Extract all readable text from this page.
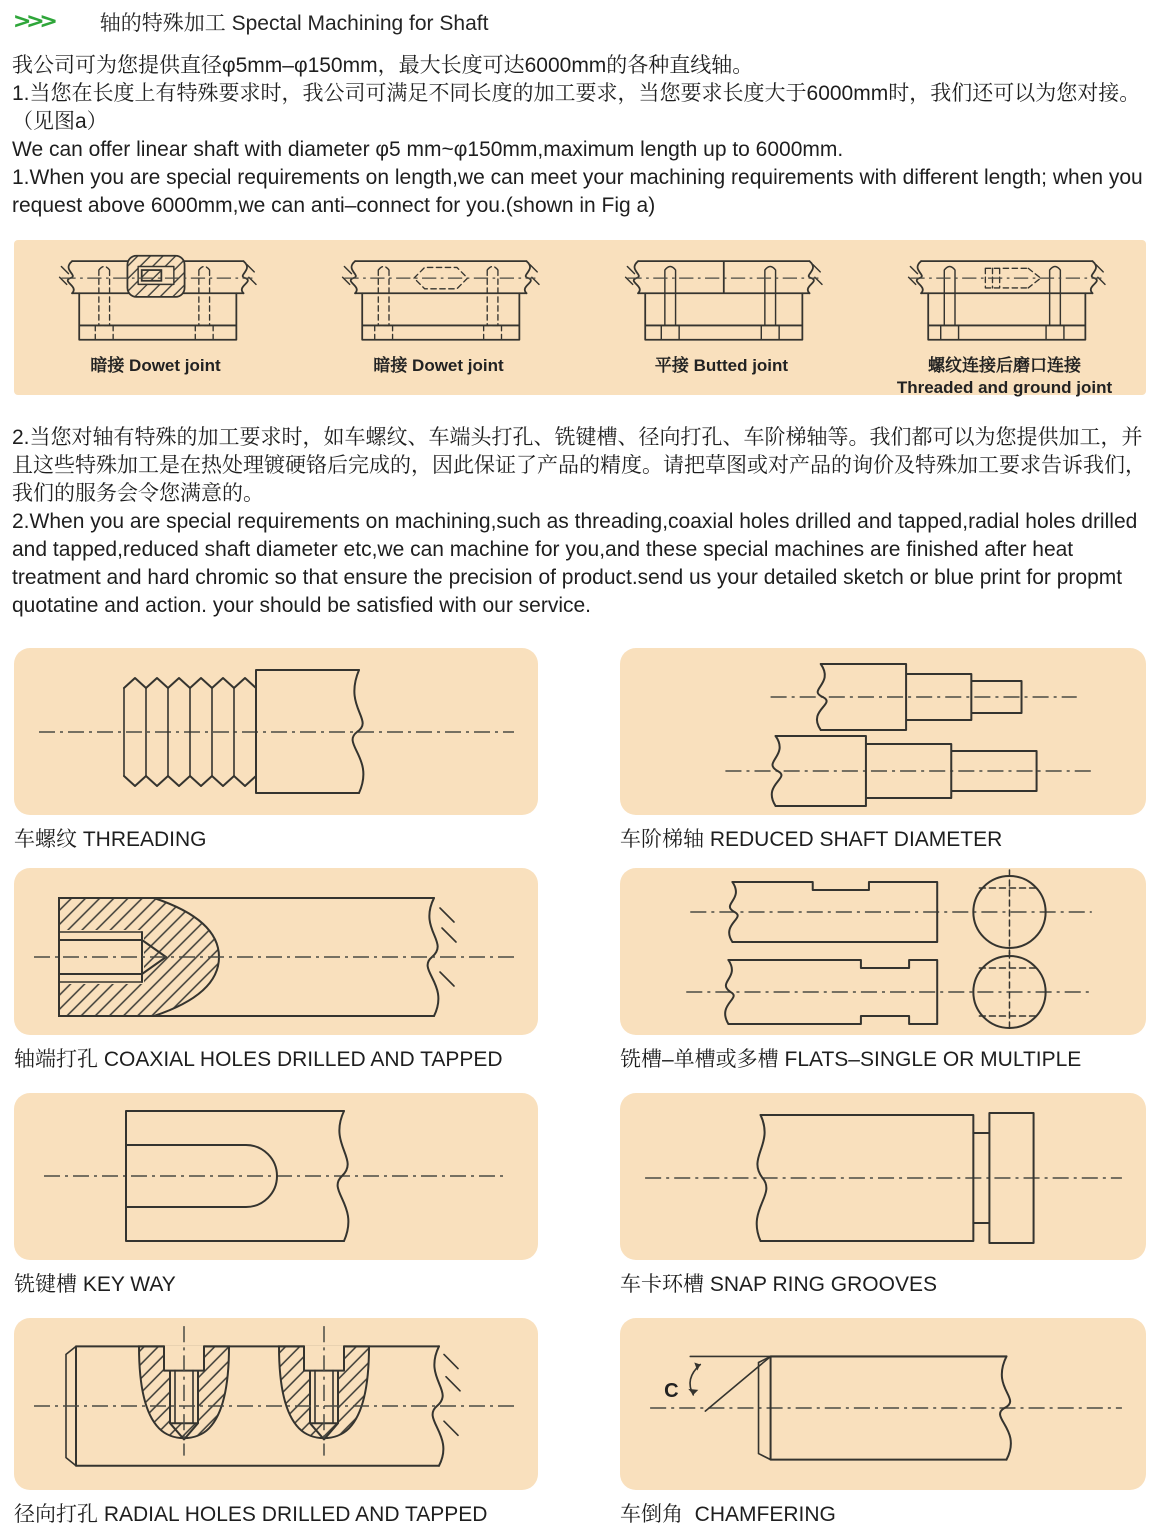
>>> 轴的特殊加工 Spectal Machining for Shaft
我公司可为您提供直径φ5mm–φ150mm，最大长度可达6000mm的各种直线轴。
1.当您在长度上有特殊要求时，我公司可满足不同长度的加工要求，当您要求长度大于6000mm时，我们还可以为您对接。（见图a）
We can offer linear shaft with diameter φ5 mm~φ150mm,maximum length up to 6000mm.
1.When you are special requirements on length,we can meet your machining requirements with different length; when you request above 6000mm,we can anti–connect for you.(shown in Fig a)
暗接 Dowet joint	暗接 Dowet joint	平接 Butted joint	螺纹连接后磨口连接
Threaded and ground joint
2.当您对轴有特殊的加工要求时，如车螺纹、车端头打孔、铣键槽、径向打孔、车阶梯轴等。我们都可以为您提供加工，并且这些特殊加工是在热处理镀硬铬后完成的，因此保证了产品的精度。请把草图或对产品的询价及特殊加工要求告诉我们，我们的服务会令您满意的。
2.When you are special requirements on machining,such as threading,coaxial holes drilled and tapped,radial holes drilled and tapped,reduced shaft diameter etc,we can machine for you,and these special machines are finished after heat treatment and hard chromic so that ensure the precision of product.send us your detailed sketch or blue print for propmt quotatine and action. your should be satisfied with our service.
车螺纹 THREADING	车阶梯轴 REDUCED SHAFT DIAMETER
轴端打孔 COAXIAL HOLES DRILLED AND TAPPED	铣槽–单槽或多槽 FLATS–SINGLE OR MULTIPLE
铣键槽 KEY WAY	车卡环槽 SNAP RING GROOVES
径向打孔 RADIAL HOLES DRILLED AND TAPPED
C
车倒角  CHAMFERING
